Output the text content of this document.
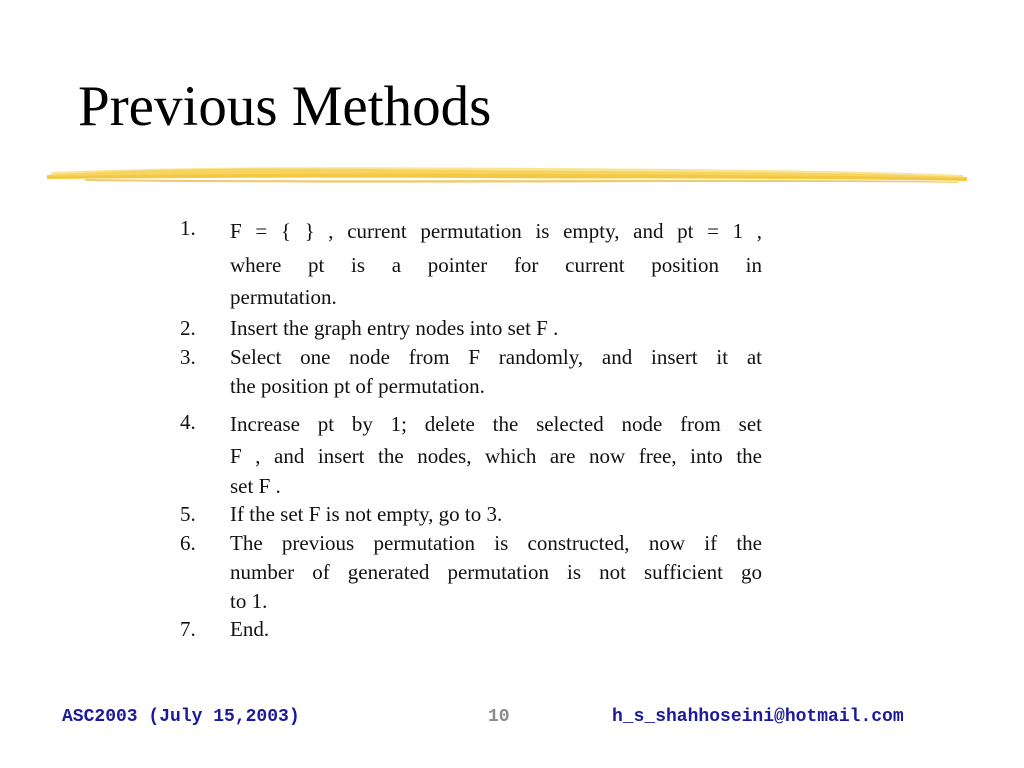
Previous Methods
1.	F = { } , current permutation is empty, and pt = 1 ,
where pt is a pointer for current position in
permutation.
2.	Insert the graph entry nodes into set F .
3.	Select one node from F randomly, and insert it at
the position pt of permutation.
4.	Increase pt by 1; delete the selected node from set
F , and insert the nodes, which are now free, into the
set F .
5.	If the set F is not empty, go to 3.
6.	The previous permutation is constructed, now if the
number of generated permutation is not sufficient go
to 1.
7.	End.
ASC2003 (July 15,2003)	10	h_s_shahhoseini@hotmail.com
